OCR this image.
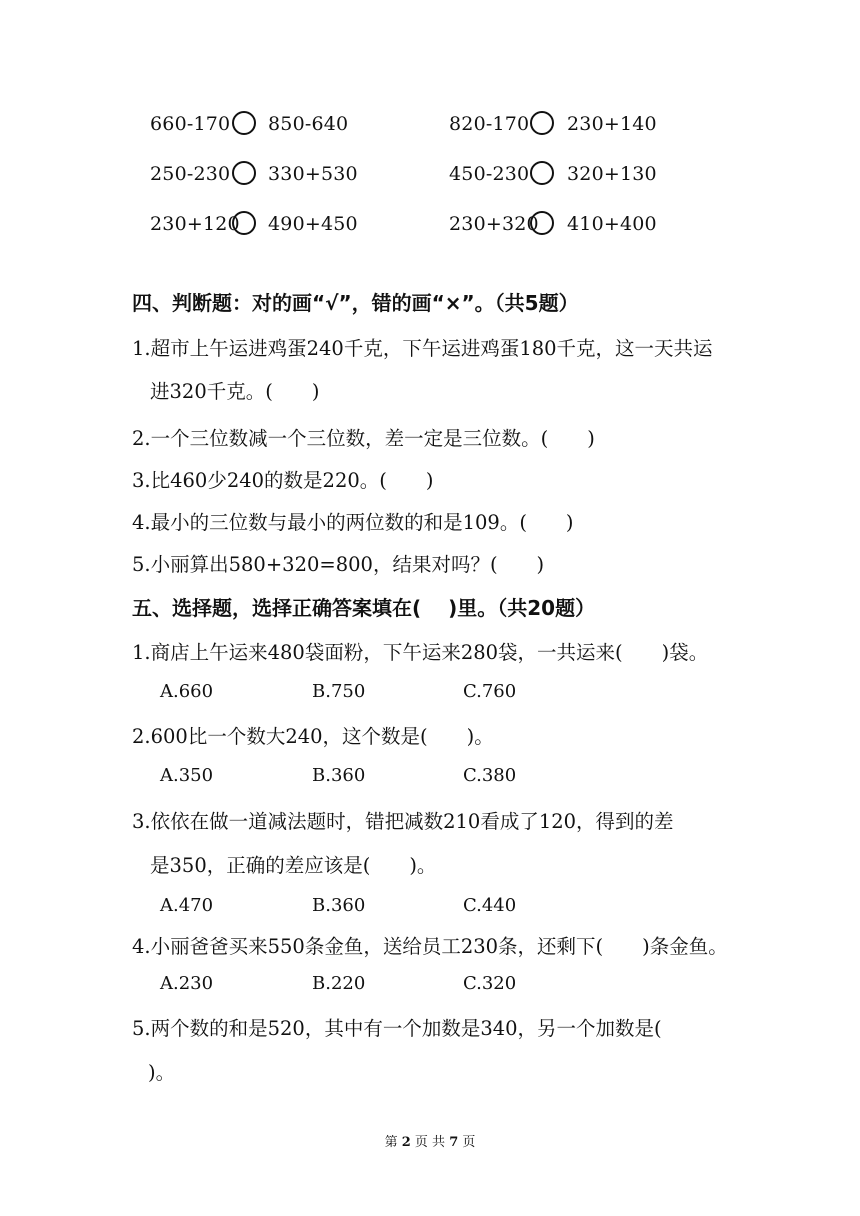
660-170 850-640	820-170 230+140
250-230 330+530	450-230 320+130
230+120 490+450	230+320 410+400
四、判断题：对的画“√”，错的画“×”。（共5题）
1.超市上午运进鸡蛋240千克，下午运进鸡蛋180千克，这一天共运
进320千克。(　　)
2.一个三位数减一个三位数，差一定是三位数。(　　)
3.比460少240的数是220。(　　)
4.最小的三位数与最小的两位数的和是109。(　　)
5.小丽算出580+320=800，结果对吗？(　　)
五、选择题，选择正确答案填在(　 )里。（共20题）
1.商店上午运来480袋面粉，下午运来280袋，一共运来(　　)袋。
A.660	B.750	C.760
2.600比一个数大240，这个数是(　　)。
A.350	B.360	C.380
3.依依在做一道减法题时，错把减数210看成了120，得到的差
是350，正确的差应该是(　　)。
A.470	B.360	C.440
4.小丽爸爸买来550条金鱼，送给员工230条，还剩下(　　)条金鱼。
A.230	B.220	C.320
5.两个数的和是520，其中有一个加数是340，另一个加数是(
)。
第 2 页 共 7 页
